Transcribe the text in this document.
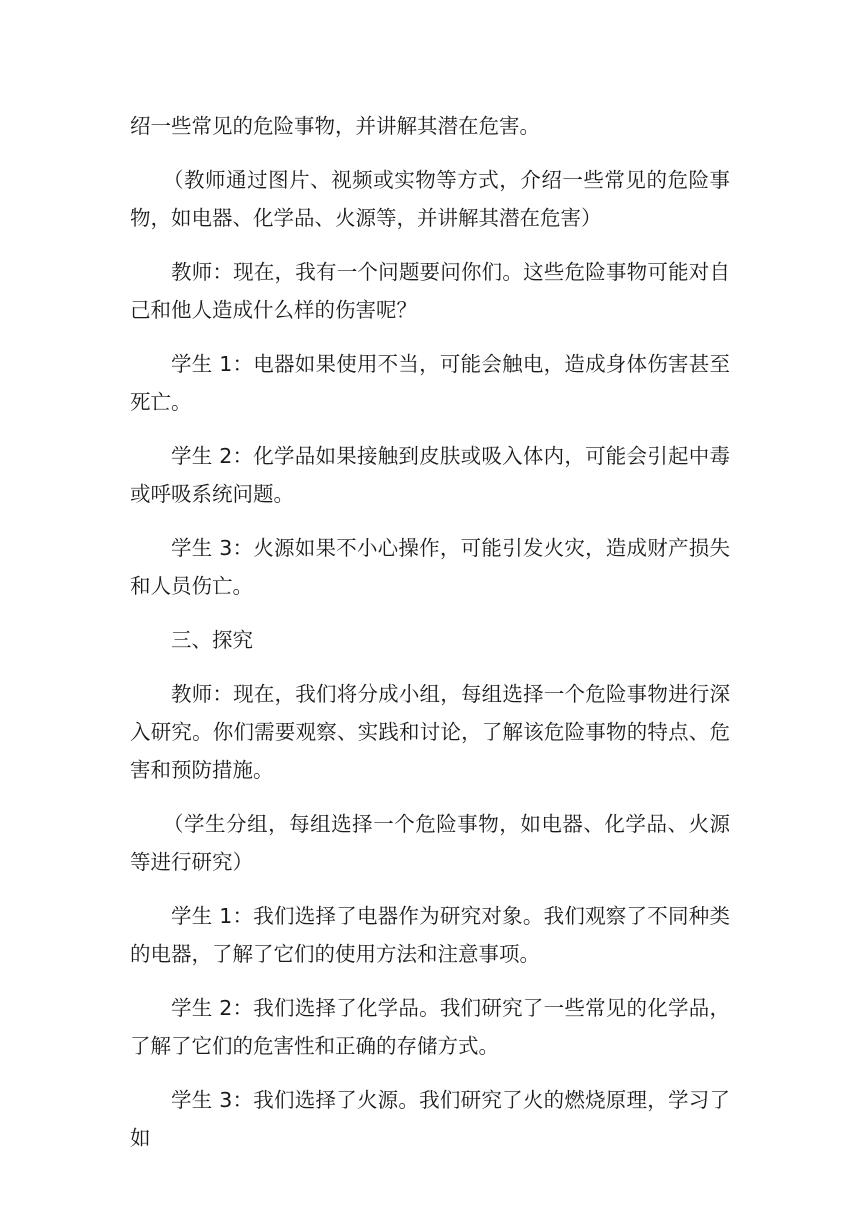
绍一些常见的危险事物，并讲解其潜在危害。

（教师通过图片、视频或实物等方式，介绍一些常见的危险事物，如电器、化学品、火源等，并讲解其潜在危害）

教师：现在，我有一个问题要问你们。这些危险事物可能对自己和他人造成什么样的伤害呢？

学生 1：电器如果使用不当，可能会触电，造成身体伤害甚至死亡。

学生 2：化学品如果接触到皮肤或吸入体内，可能会引起中毒或呼吸系统问题。

学生 3：火源如果不小心操作，可能引发火灾，造成财产损失和人员伤亡。

三、探究

教师：现在，我们将分成小组，每组选择一个危险事物进行深入研究。你们需要观察、实践和讨论，了解该危险事物的特点、危害和预防措施。

（学生分组，每组选择一个危险事物，如电器、化学品、火源等进行研究）

学生 1：我们选择了电器作为研究对象。我们观察了不同种类的电器，了解了它们的使用方法和注意事项。

学生 2：我们选择了化学品。我们研究了一些常见的化学品，了解了它们的危害性和正确的存储方式。

学生 3：我们选择了火源。我们研究了火的燃烧原理，学习了如
